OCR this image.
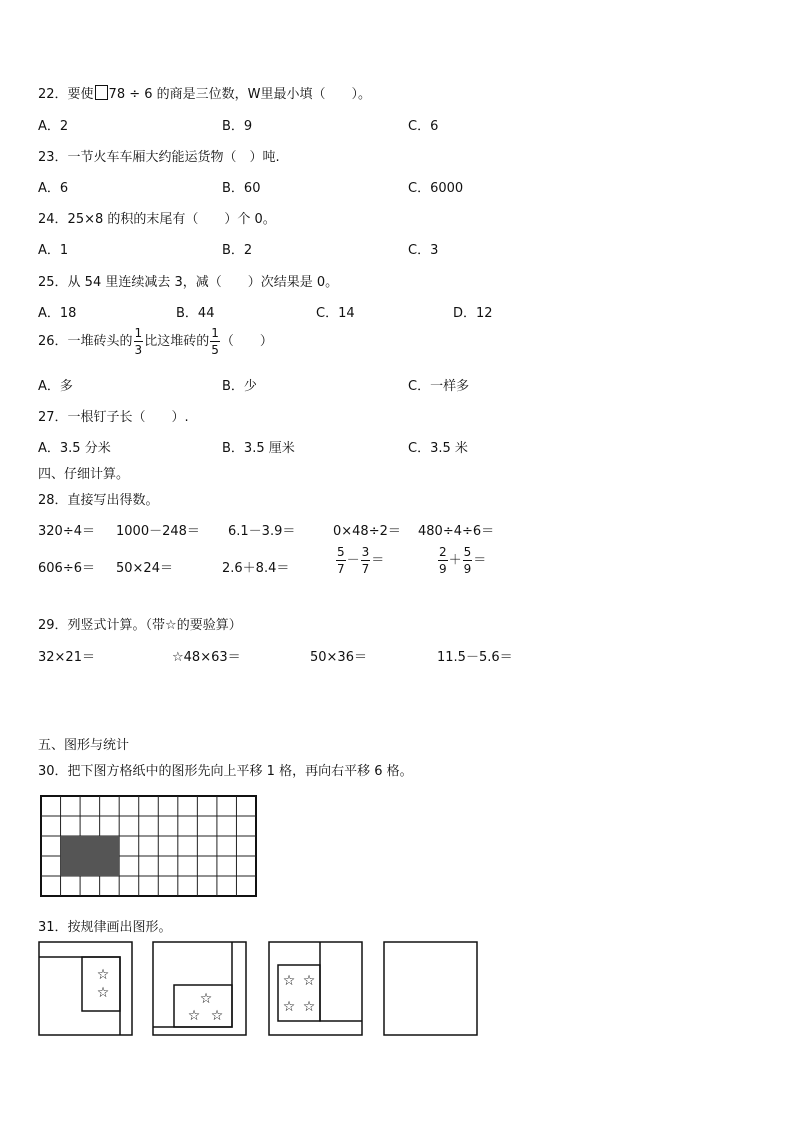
22．要使 78 ÷ 6 的商是三位数，W里最小填（　　）。
A．2	B．9	C．6
23．一节火车车厢大约能运货物（　）吨.
A．6	B．60	C．6000
24．25×8 的积的末尾有（　　）个 0。
A．1	B．2	C．3
25．从 54 里连续减去 3，减（　　）次结果是 0。
A．18	B．44	C．14	D．12
26．一堆砖头的 $\frac{1}{3}$ 比这堆砖的 $\frac{1}{5}$ （　　）
A．多	B．少	C．一样多
27．一根钉子长（　　）.
A．3.5 分米	B．3.5 厘米	C．3.5 米
四、仔细计算。
28．直接写出得数。
320÷4＝ 1000－248＝ 6.1－3.9＝	0×48÷2＝ 480÷4÷6＝
606÷6＝ 50×24＝	2.6＋8.4＝	$\frac{5}{7} - \frac{3}{7}$ ＝	$\frac{2}{9} + \frac{5}{9}$ ＝
29．列竖式计算。（带☆的要验算）
32×21＝	☆48×63＝	50×36＝	11.5－5.6＝
五、图形与统计
30．把下图方格纸中的图形先向上平移 1 格，再向右平移 6 格。
31．按规律画出图形。
☆
☆	☆
☆ ☆
☆ ☆
☆ ☆
